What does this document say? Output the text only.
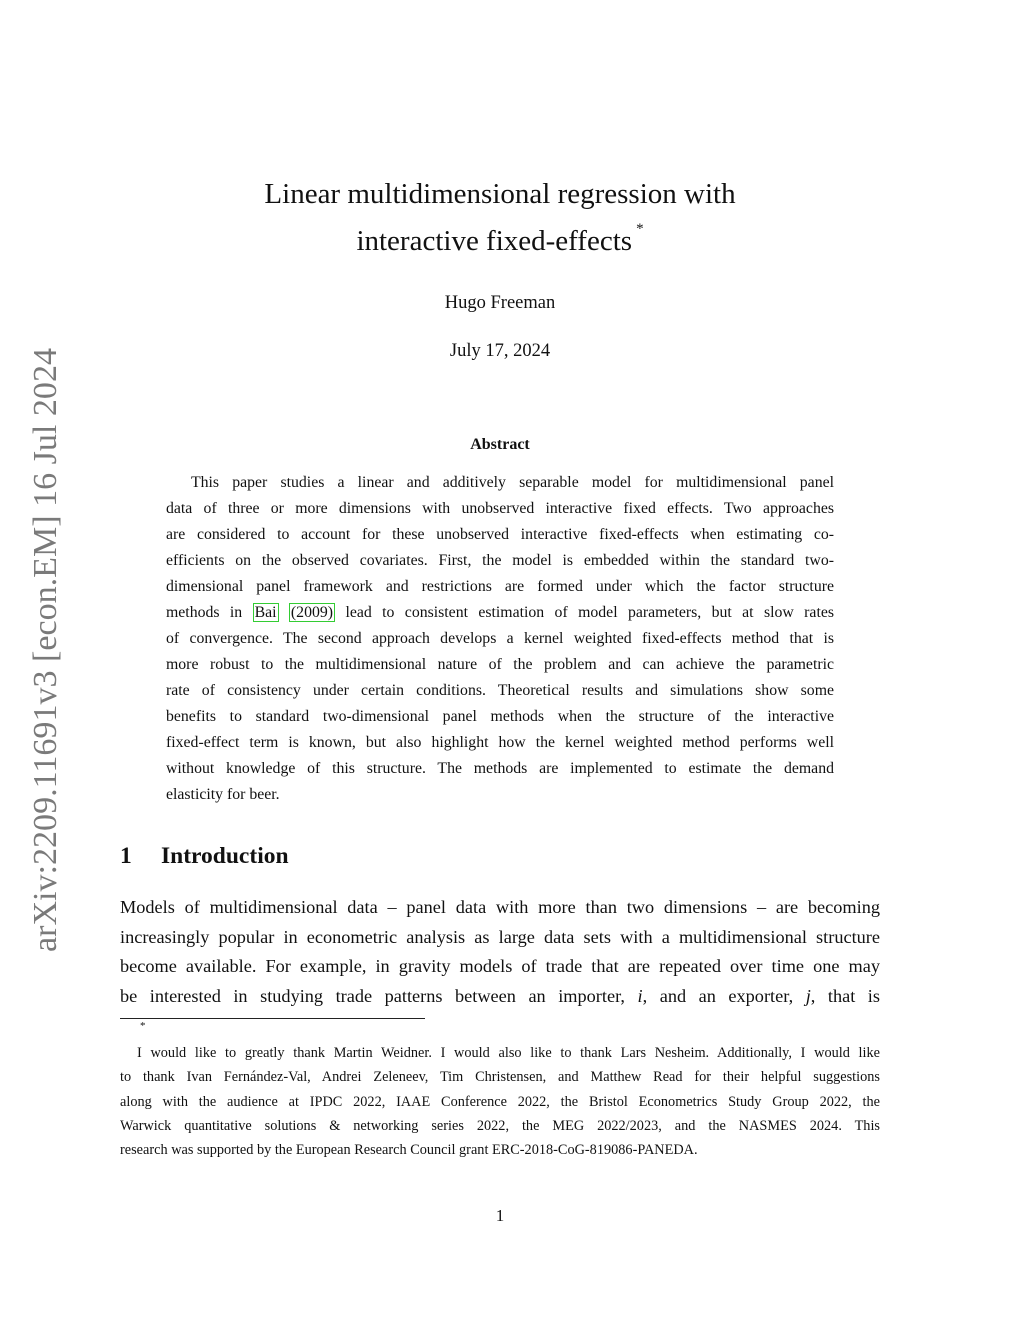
arXiv:2209.11691v3 [econ.EM] 16 Jul 2024
Linear multidimensional regression with
interactive fixed-effects *
Hugo Freeman
July 17, 2024
Abstract
This paper studies a linear and additively separable model for multidimensional panel
data of three or more dimensions with unobserved interactive fixed effects. Two approaches
are considered to account for these unobserved interactive fixed-effects when estimating co-
efficients on the observed covariates. First, the model is embedded within the standard two-
dimensional panel framework and restrictions are formed under which the factor structure
methods in Bai (2009) lead to consistent estimation of model parameters, but at slow rates
of convergence. The second approach develops a kernel weighted fixed-effects method that is
more robust to the multidimensional nature of the problem and can achieve the parametric
rate of consistency under certain conditions. Theoretical results and simulations show some
benefits to standard two-dimensional panel methods when the structure of the interactive
fixed-effect term is known, but also highlight how the kernel weighted method performs well
without knowledge of this structure. The methods are implemented to estimate the demand
elasticity for beer.
1 Introduction
Models of multidimensional data – panel data with more than two dimensions – are becoming
increasingly popular in econometric analysis as large data sets with a multidimensional structure
become available. For example, in gravity models of trade that are repeated over time one may
be interested in studying trade patterns between an importer, i, and an exporter, j, that is
*
I would like to greatly thank Martin Weidner. I would also like to thank Lars Nesheim. Additionally, I would like
to thank Ivan Fernández-Val, Andrei Zeleneev, Tim Christensen, and Matthew Read for their helpful suggestions
along with the audience at IPDC 2022, IAAE Conference 2022, the Bristol Econometrics Study Group 2022, the
Warwick quantitative solutions & networking series 2022, the MEG 2022/2023, and the NASMES 2024. This
research was supported by the European Research Council grant ERC-2018-CoG-819086-PANEDA.
1
